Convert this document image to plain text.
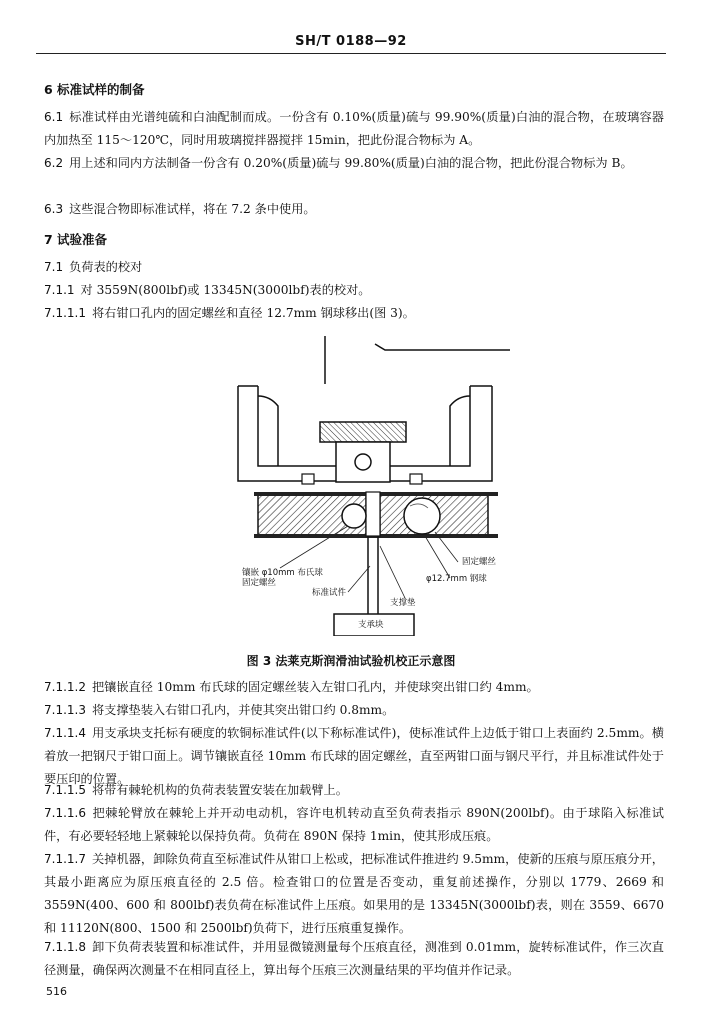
SH/T 0188—92
6 标准试样的制备
6.1 标准试样由光谱纯硫和白油配制而成。一份含有 0.10%(质量)硫与 99.90%(质量)白油的混合物，在玻璃容器内加热至 115～120℃，同时用玻璃搅拌器搅拌 15min，把此份混合物标为 A。
6.2 用上述和同内方法制备一份含有 0.20%(质量)硫与 99.80%(质量)白油的混合物，把此份混合物标为 B。
6.3 这些混合物即标准试样，将在 7.2 条中使用。
7 试验准备
7.1 负荷表的校对
7.1.1 对 3559N(800lbf)或 13345N(3000lbf)表的校对。
7.1.1.1 将右钳口孔内的固定螺丝和直径 12.7mm 钢球移出(图 3)。
镶嵌 φ10mm 布氏球
固定螺丝
标准试件
支撑垫
固定螺丝
φ12.7mm 钢球
支承块
图 3 法莱克斯润滑油试验机校正示意图
7.1.1.2 把镶嵌直径 10mm 布氏球的固定螺丝装入左钳口孔内，并使球突出钳口约 4mm。
7.1.1.3 将支撑垫装入右钳口孔内，并使其突出钳口约 0.8mm。
7.1.1.4 用支承块支托标有硬度的软铜标准试件(以下称标准试件)，使标准试件上边低于钳口上表面约 2.5mm。横着放一把钢尺于钳口面上。调节镶嵌直径 10mm 布氏球的固定螺丝，直至两钳口面与钢尺平行，并且标准试件处于要压印的位置。
7.1.1.5 将带有棘轮机构的负荷表装置安装在加载臂上。
7.1.1.6 把棘轮臂放在棘轮上并开动电动机，容许电机转动直至负荷表指示 890N(200lbf)。由于球陷入标准试件，有必要轻轻地上紧棘轮以保持负荷。负荷在 890N 保持 1min，使其形成压痕。
7.1.1.7 关掉机器，卸除负荷直至标准试件从钳口上松或，把标准试件推进约 9.5mm，使新的压痕与原压痕分开，其最小距离应为原压痕直径的 2.5 倍。检查钳口的位置是否变动，重复前述操作，分别以 1779、2669 和 3559N(400、600 和 800lbf)表负荷在标准试件上压痕。如果用的是 13345N(3000lbf)表，则在 3559、6670 和 11120N(800、1500 和 2500lbf)负荷下，进行压痕重复操作。
7.1.1.8 卸下负荷表装置和标准试件，并用显微镜测量每个压痕直径，测准到 0.01mm，旋转标准试件，作三次直径测量，确保两次测量不在相同直径上，算出每个压痕三次测量结果的平均值并作记录。
516
